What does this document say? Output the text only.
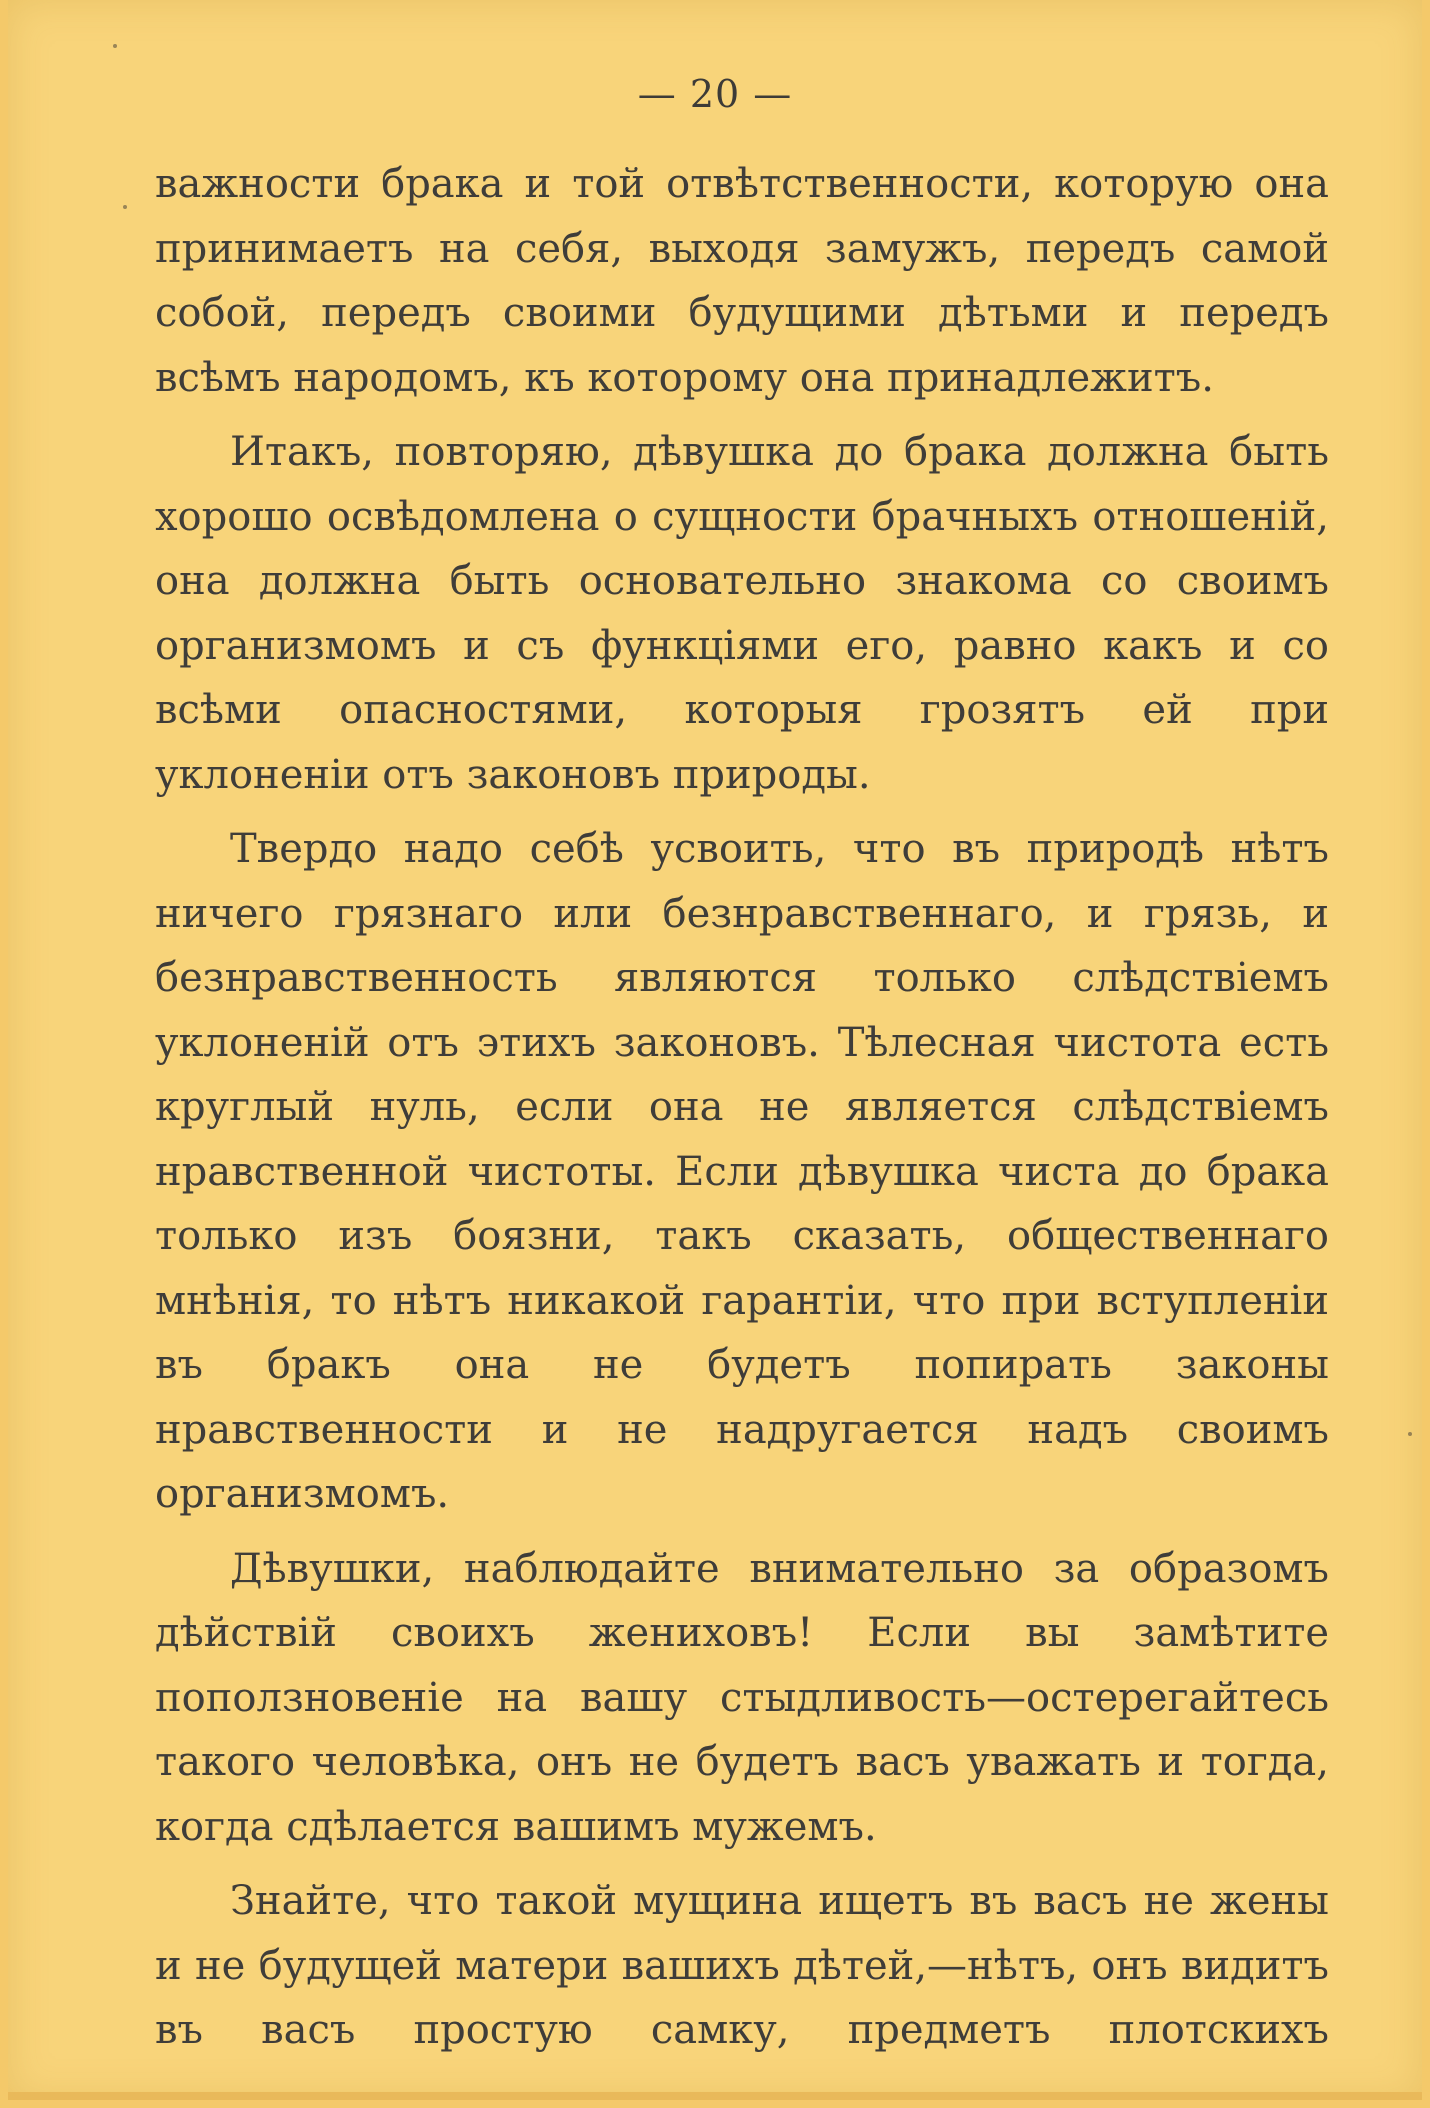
— 20 —

важности брака и той отвѣтственности, которую она принимаетъ на себя, выходя замужъ, передъ самой собой, передъ своими будущими дѣтьми и передъ всѣмъ народомъ, къ которому она принадлежитъ.

Итакъ, повторяю, дѣвушка до брака должна быть хорошо освѣдомлена о сущности брачныхъ отношеній, она должна быть основательно знакома со своимъ организмомъ и съ функціями его, равно какъ и со всѣми опасностями, которыя грозятъ ей при уклоненіи отъ законовъ природы.

Твердо надо себѣ усвоить, что въ природѣ нѣтъ ничего грязнаго или безнравственнаго, и грязь, и безнравственность являются только слѣдствіемъ уклоненій отъ этихъ законовъ. Тѣлесная чистота есть круглый нуль, если она не является слѣдствіемъ нравственной чистоты. Если дѣвушка чиста до брака только изъ боязни, такъ сказать, общественнаго мнѣнія, то нѣтъ никакой гарантіи, что при вступленіи въ бракъ она не будетъ попирать законы нравственности и не надругается надъ своимъ организмомъ.

Дѣвушки, наблюдайте внимательно за образомъ дѣйствій своихъ жениховъ! Если вы замѣтите поползновеніе на вашу стыдливость—остерегайтесь такого человѣка, онъ не будетъ васъ уважать и тогда, когда сдѣлается вашимъ мужемъ.

Знайте, что такой мущина ищетъ въ васъ не жены и не будущей матери вашихъ дѣтей,—нѣтъ, онъ видитъ въ васъ простую самку, предметъ плотскихъ
